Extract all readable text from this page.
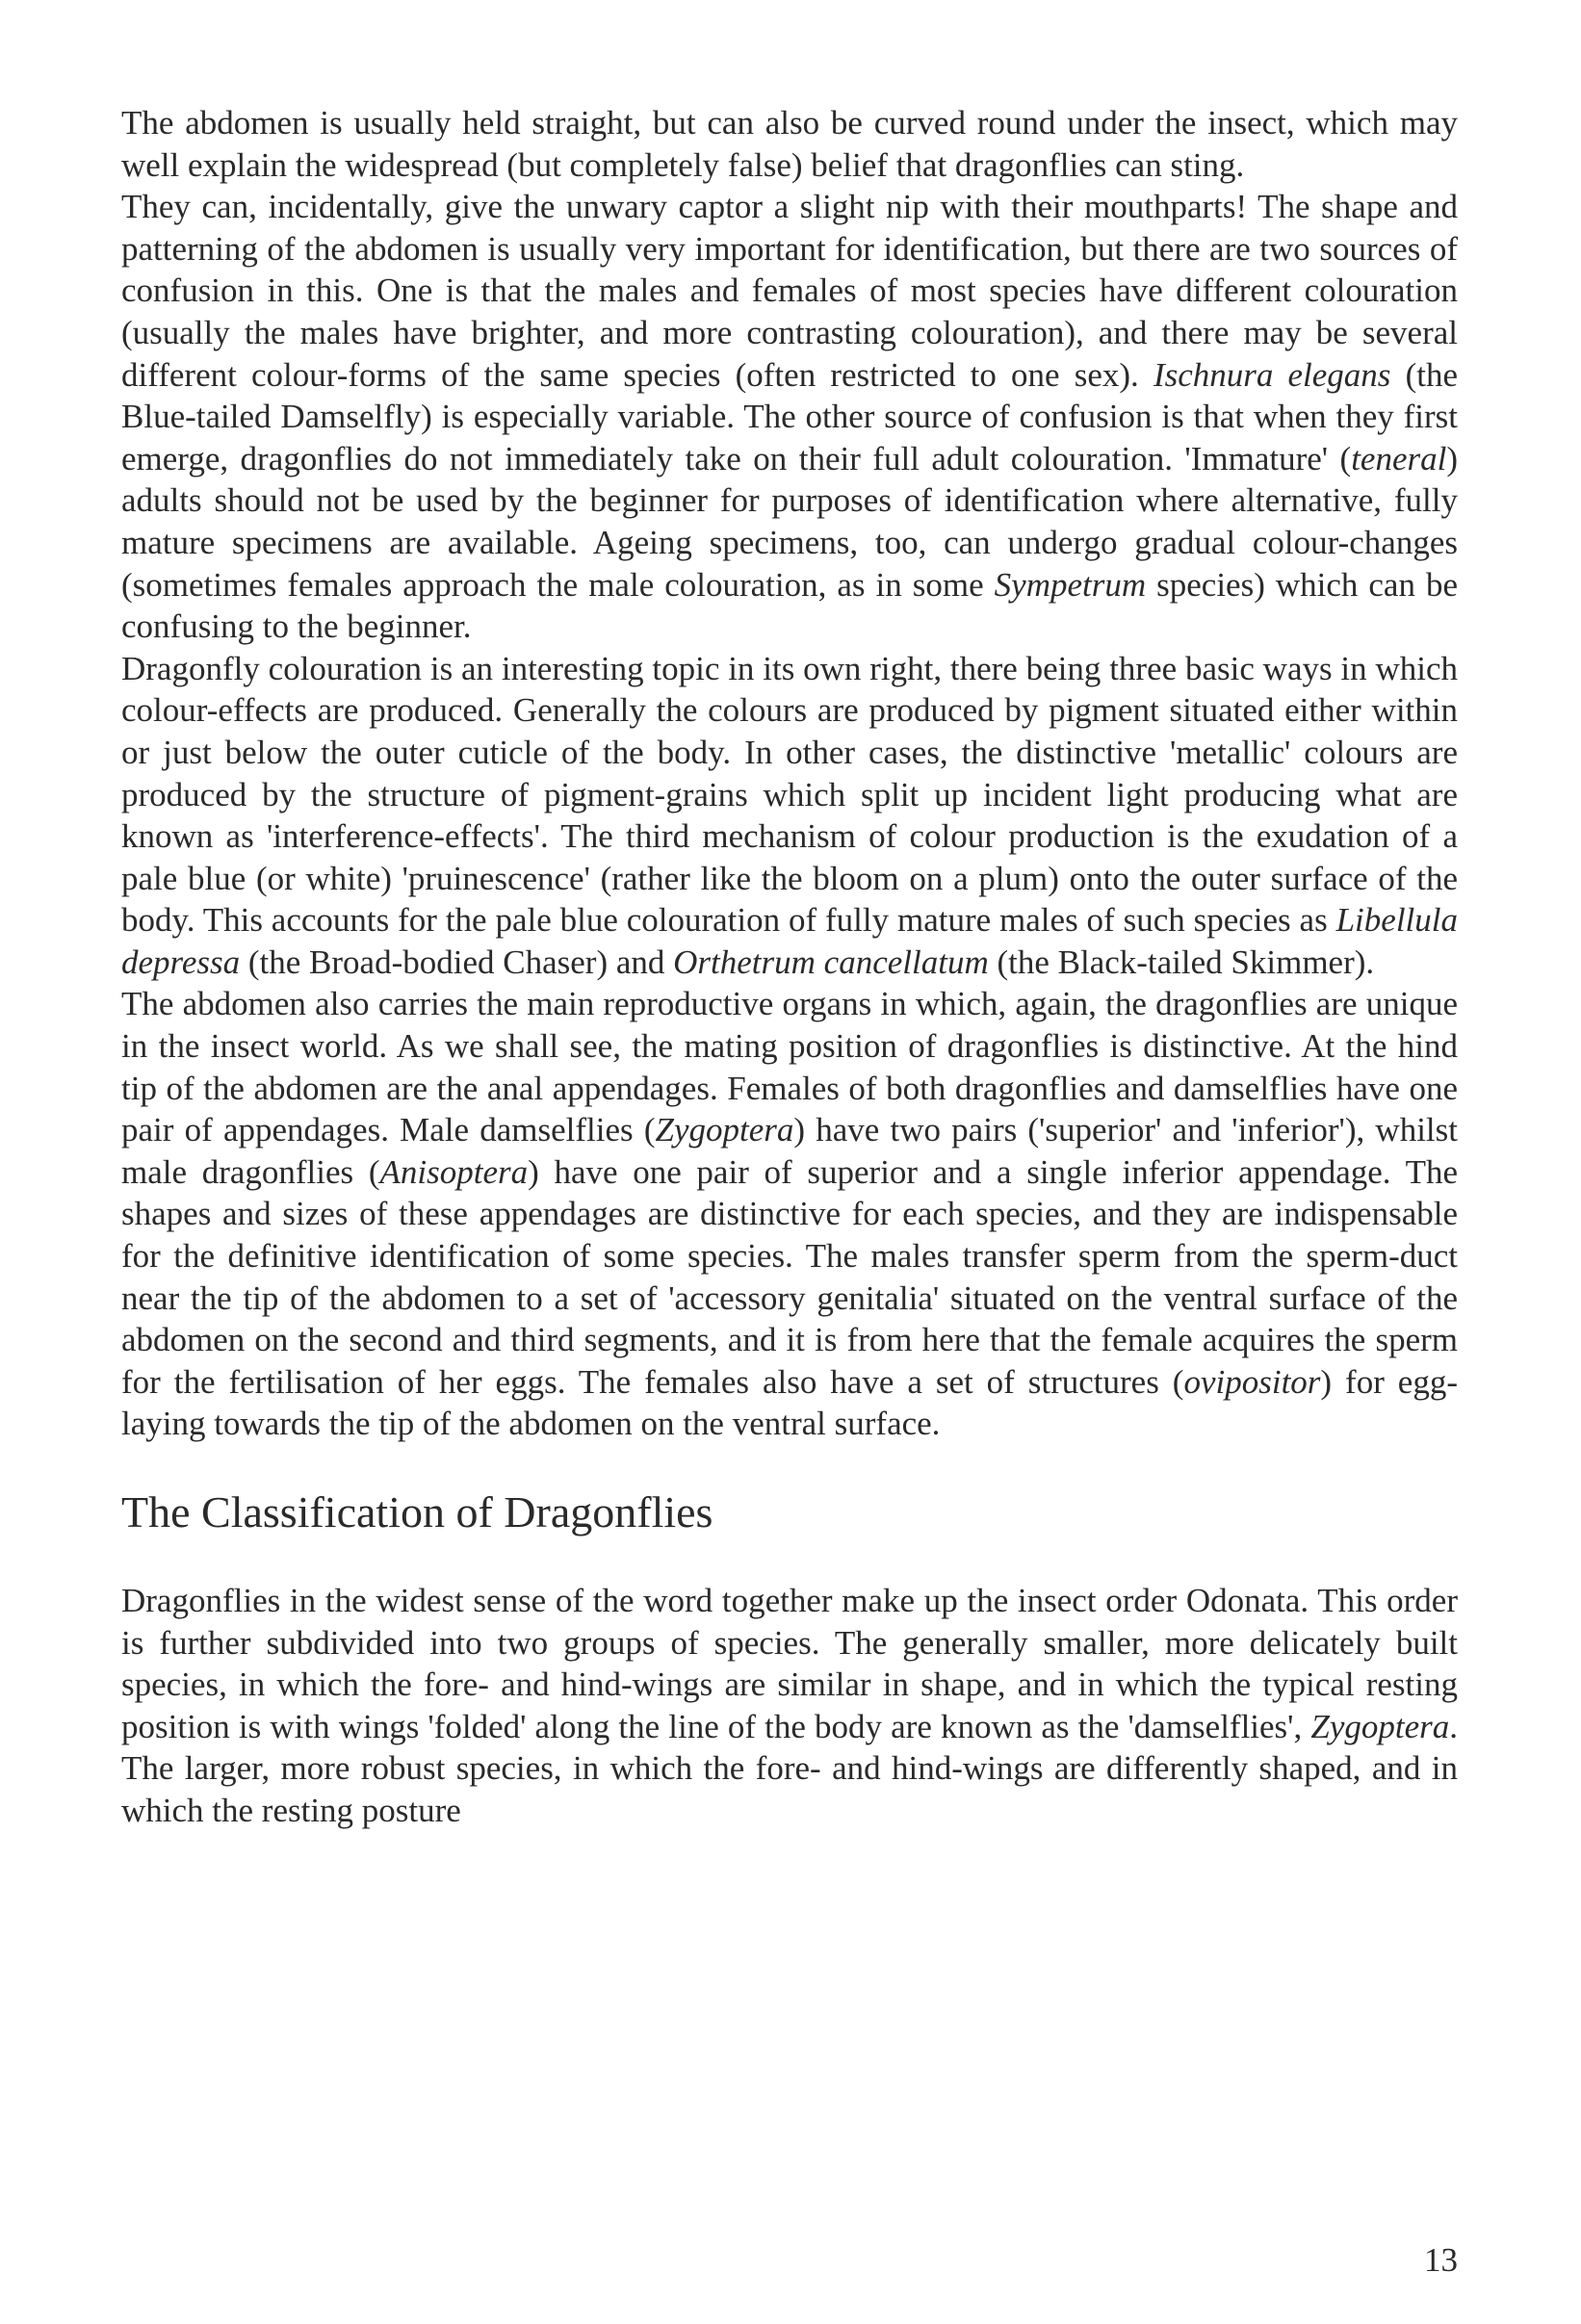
The abdomen is usually held straight, but can also be curved round under the insect, which may well explain the widespread (but completely false) belief that dragonflies can sting.
They can, incidentally, give the unwary captor a slight nip with their mouthparts! The shape and patterning of the abdomen is usually very important for identification, but there are two sources of confusion in this. One is that the males and females of most species have different colouration (usually the males have brighter, and more contrasting colouration), and there may be several different colour-forms of the same species (often restricted to one sex). Ischnura elegans (the Blue-tailed Damselfly) is especially variable. The other source of confusion is that when they first emerge, dragonflies do not immediately take on their full adult colouration. 'Immature' (teneral) adults should not be used by the beginner for purposes of identification where alternative, fully mature specimens are available. Ageing specimens, too, can undergo gradual colour-changes (sometimes females approach the male colouration, as in some Sympetrum species) which can be confusing to the beginner.

Dragonfly colouration is an interesting topic in its own right, there being three basic ways in which colour-effects are produced. Generally the colours are produced by pigment situated either within or just below the outer cuticle of the body. In other cases, the distinctive 'metallic' colours are produced by the structure of pigment-grains which split up incident light producing what are known as 'interference-effects'. The third mechanism of colour production is the exudation of a pale blue (or white) 'pruinescence' (rather like the bloom on a plum) onto the outer surface of the body. This accounts for the pale blue colouration of fully mature males of such species as Libellula depressa (the Broad-bodied Chaser) and Orthetrum cancellatum (the Black-tailed Skimmer).

The abdomen also carries the main reproductive organs in which, again, the dragonflies are unique in the insect world. As we shall see, the mating position of dragonflies is distinctive. At the hind tip of the abdomen are the anal appendages. Females of both dragonflies and damselflies have one pair of appendages. Male damselflies (Zygoptera) have two pairs ('superior' and 'inferior'), whilst male dragonflies (Anisoptera) have one pair of superior and a single inferior appendage. The shapes and sizes of these appendages are distinctive for each species, and they are indispensable for the definitive identification of some species. The males transfer sperm from the sperm-duct near the tip of the abdomen to a set of 'accessory genitalia' situated on the ventral surface of the abdomen on the second and third segments, and it is from here that the female acquires the sperm for the fertilisation of her eggs. The females also have a set of structures (ovipositor) for egg-laying towards the tip of the abdomen on the ventral surface.

The Classification of Dragonflies

Dragonflies in the widest sense of the word together make up the insect order Odonata. This order is further subdivided into two groups of species. The generally smaller, more delicately built species, in which the fore- and hind-wings are similar in shape, and in which the typical resting position is with wings 'folded' along the line of the body are known as the 'damselflies', Zygoptera. The larger, more robust species, in which the fore- and hind-wings are differently shaped, and in which the resting posture

13
